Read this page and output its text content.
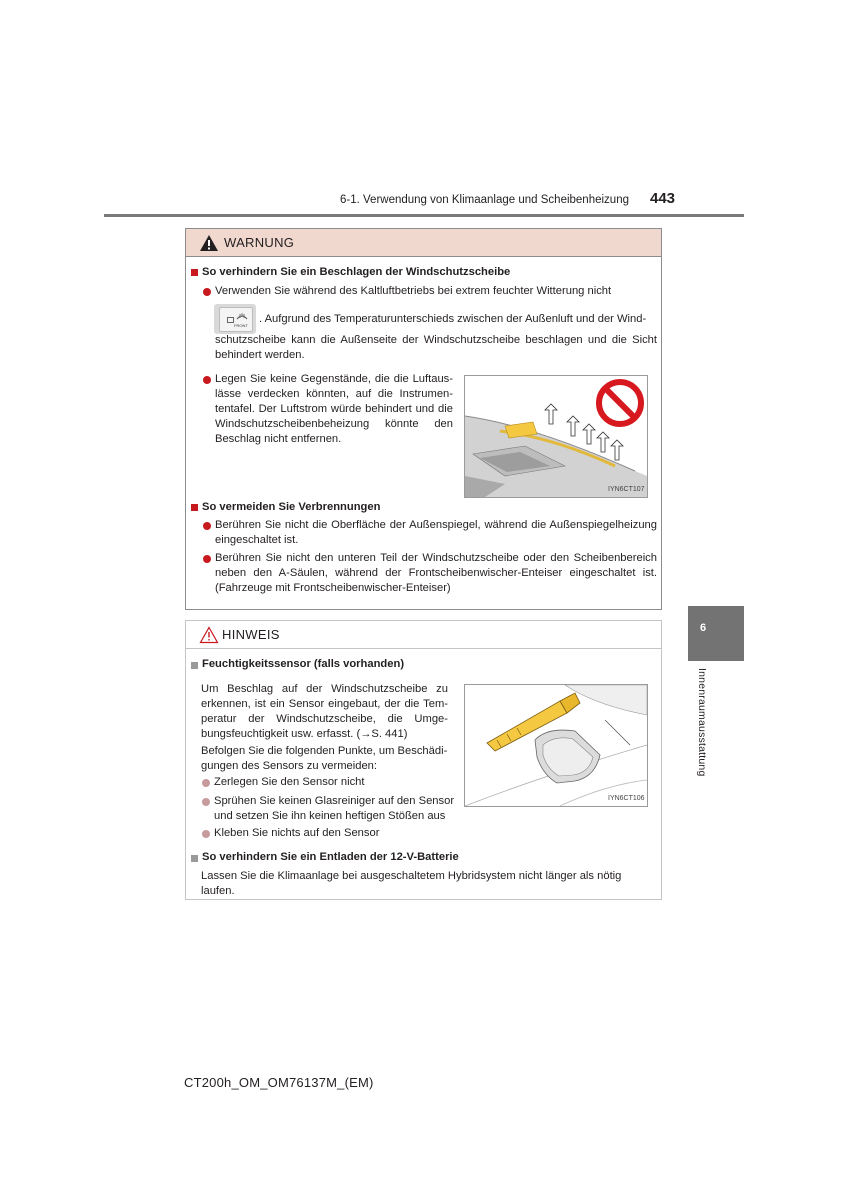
6-1. Verwendung von Klimaanlage und Scheibenheizung 443
6
Innenraumausstattung
WARNUNG
So verhindern Sie ein Beschlagen der Windschutzscheibe
Verwenden Sie während des Kaltluftbetriebs bei extrem feuchter Witterung nicht
FRONT
. Aufgrund des Temperaturunterschieds zwischen der Außenluft und der Wind-
schutzscheibe kann die Außenseite der Windschutzscheibe beschlagen und die Sicht behindert werden.
Legen Sie keine Gegenstände, die die Luftaus-lässe verdecken könnten, auf die Instrumen-tentafel. Der Luftstrom würde behindert und die Windschutzscheibenbeheizung könnte den Beschlag nicht entfernen.
IYN6CT107
So vermeiden Sie Verbrennungen
Berühren Sie nicht die Oberfläche der Außenspiegel, während die Außenspiegelheizung eingeschaltet ist.
Berühren Sie nicht den unteren Teil der Windschutzscheibe oder den Scheibenbereich neben den A-Säulen, während der Frontscheibenwischer-Enteiser eingeschaltet ist. (Fahrzeuge mit Frontscheibenwischer-Enteiser)
HINWEIS
Feuchtigkeitssensor (falls vorhanden)
Um Beschlag auf der Windschutzscheibe zu erkennen, ist ein Sensor eingebaut, der die Tem-peratur der Windschutzscheibe, die Umge-bungsfeuchtigkeit usw. erfasst. (→S. 441)
Befolgen Sie die folgenden Punkte, um Beschädi-gungen des Sensors zu vermeiden:
Zerlegen Sie den Sensor nicht
Sprühen Sie keinen Glasreiniger auf den Sensor und setzen Sie ihn keinen heftigen Stößen aus
Kleben Sie nichts auf den Sensor
IYN6CT106
So verhindern Sie ein Entladen der 12-V-Batterie
Lassen Sie die Klimaanlage bei ausgeschaltetem Hybridsystem nicht länger als nötig laufen.
CT200h_OM_OM76137M_(EM)
